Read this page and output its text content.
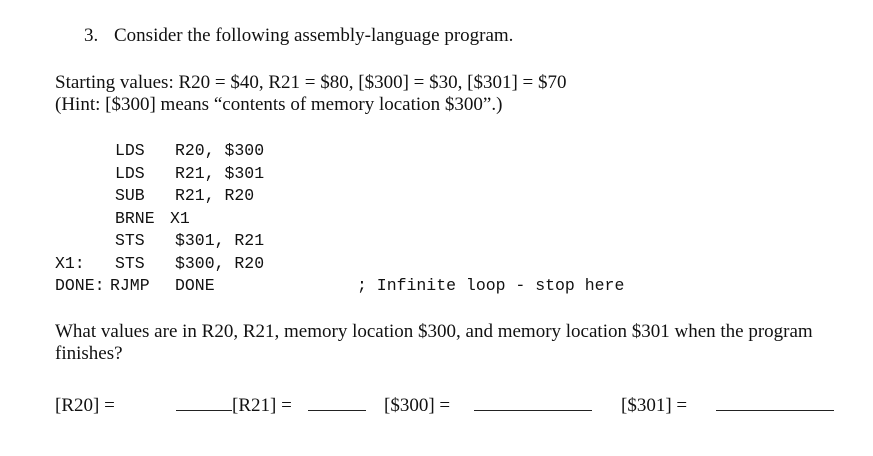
3. Consider the following assembly-language program.
Starting values: R20 = $40, R21 = $80, [$300] = $30, [$301] = $70
(Hint: [$300] means “contents of memory location $300”.)
LDS R20, $300
LDS R21, $301
SUB R21, R20
BRNE X1
STS $301, R21
X1: STS $300, R20
DONE: RJMP DONE	; Infinite loop - stop here
What values are in R20, R21, memory location $300, and memory location $301 when the program finishes?
[R20] =	[R21] =	[$300] =	[$301] =
